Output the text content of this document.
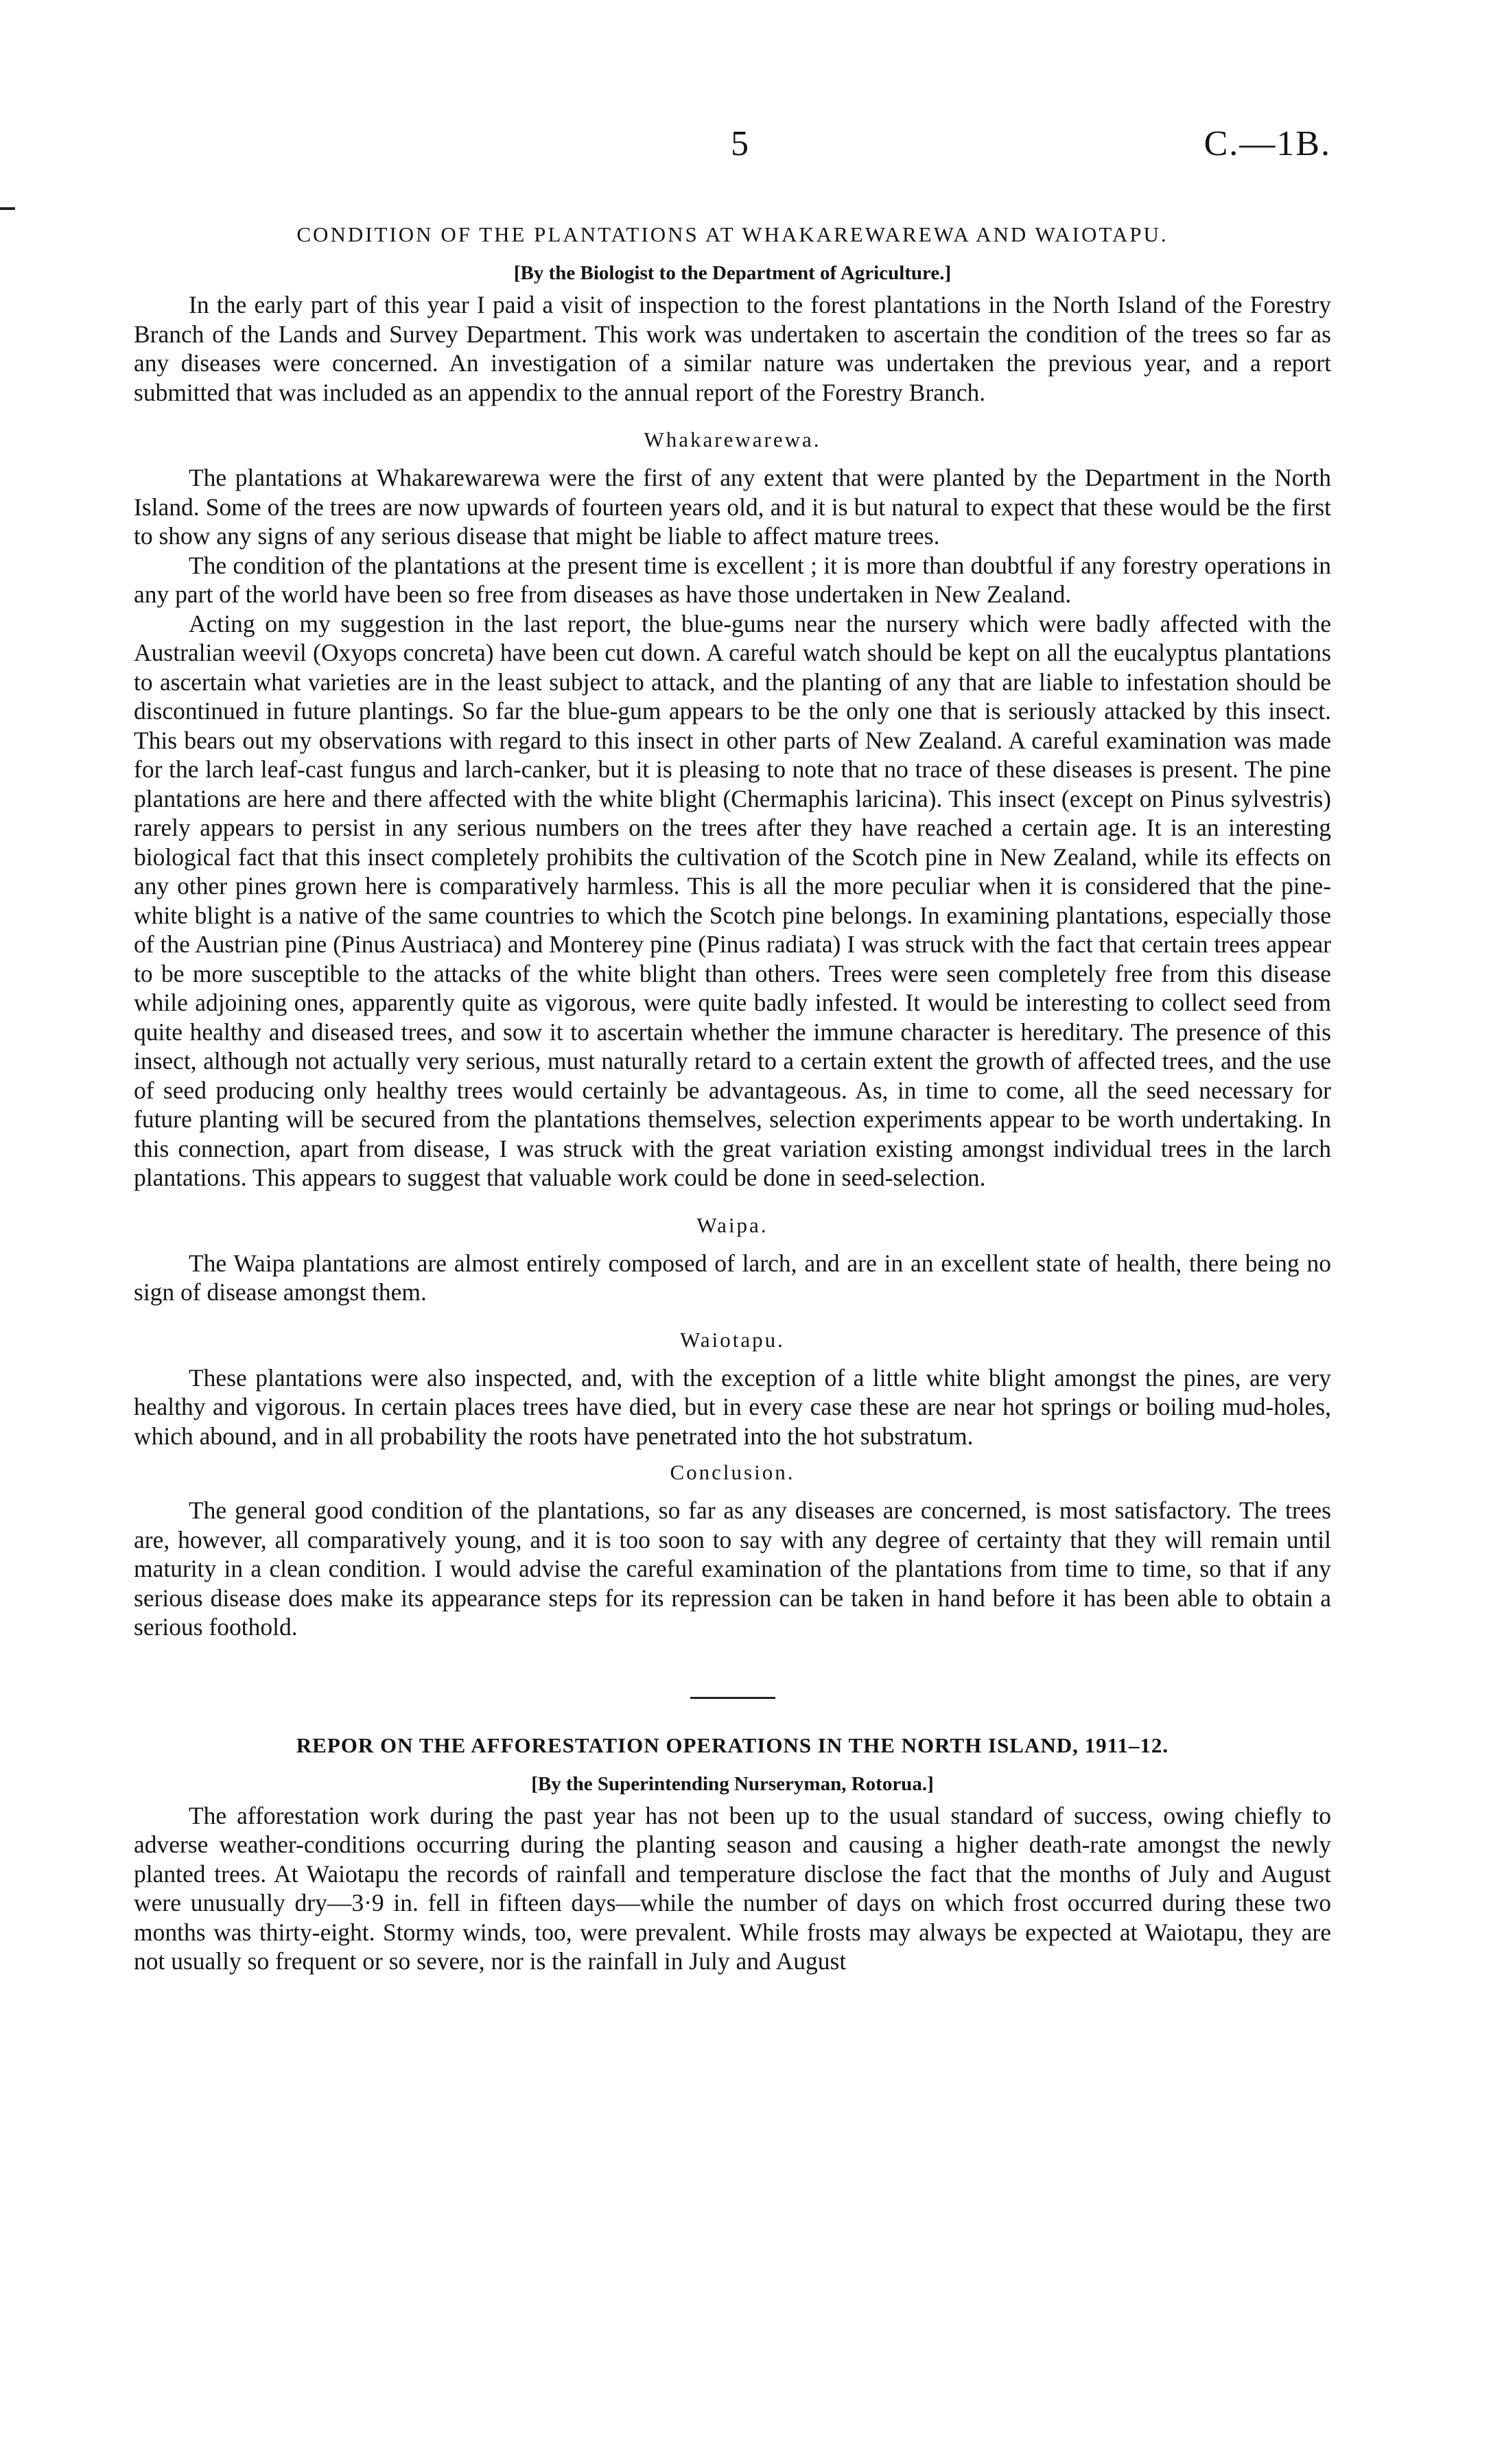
5	C.—1B.
CONDITION OF THE PLANTATIONS AT WHAKAREWAREWA AND WAIOTAPU.
[By the Biologist to the Department of Agriculture.]

In the early part of this year I paid a visit of inspection to the forest plantations in the North Island of the Forestry Branch of the Lands and Survey Department. This work was undertaken to ascertain the condition of the trees so far as any diseases were concerned. An investigation of a similar nature was undertaken the previous year, and a report submitted that was included as an appendix to the annual report of the Forestry Branch.

Whakarewarewa.

The plantations at Whakarewarewa were the first of any extent that were planted by the Department in the North Island. Some of the trees are now upwards of fourteen years old, and it is but natural to expect that these would be the first to show any signs of any serious disease that might be liable to affect mature trees.

The condition of the plantations at the present time is excellent ; it is more than doubtful if any forestry operations in any part of the world have been so free from diseases as have those undertaken in New Zealand.

Acting on my suggestion in the last report, the blue-gums near the nursery which were badly affected with the Australian weevil (Oxyops concreta) have been cut down. A careful watch should be kept on all the eucalyptus plantations to ascertain what varieties are in the least subject to attack, and the planting of any that are liable to infestation should be discontinued in future plantings. So far the blue-gum appears to be the only one that is seriously attacked by this insect. This bears out my observations with regard to this insect in other parts of New Zealand. A careful examination was made for the larch leaf-cast fungus and larch-canker, but it is pleasing to note that no trace of these diseases is present. The pine plantations are here and there affected with the white blight (Chermaphis laricina). This insect (except on Pinus sylvestris) rarely appears to persist in any serious numbers on the trees after they have reached a certain age. It is an interesting biological fact that this insect completely prohibits the cultivation of the Scotch pine in New Zealand, while its effects on any other pines grown here is comparatively harmless. This is all the more peculiar when it is considered that the pine-white blight is a native of the same countries to which the Scotch pine belongs. In examining plantations, especially those of the Austrian pine (Pinus Austriaca) and Monterey pine (Pinus radiata) I was struck with the fact that certain trees appear to be more susceptible to the attacks of the white blight than others. Trees were seen completely free from this disease while adjoining ones, apparently quite as vigorous, were quite badly infested. It would be interesting to collect seed from quite healthy and diseased trees, and sow it to ascertain whether the immune character is hereditary. The presence of this insect, although not actually very serious, must naturally retard to a certain extent the growth of affected trees, and the use of seed producing only healthy trees would certainly be advantageous. As, in time to come, all the seed necessary for future planting will be secured from the plantations themselves, selection experiments appear to be worth undertaking. In this connection, apart from disease, I was struck with the great variation existing amongst individual trees in the larch plantations. This appears to suggest that valuable work could be done in seed-selection.

Waipa.

The Waipa plantations are almost entirely composed of larch, and are in an excellent state of health, there being no sign of disease amongst them.

Waiotapu.

These plantations were also inspected, and, with the exception of a little white blight amongst the pines, are very healthy and vigorous. In certain places trees have died, but in every case these are near hot springs or boiling mud-holes, which abound, and in all probability the roots have penetrated into the hot substratum.

Conclusion.

The general good condition of the plantations, so far as any diseases are concerned, is most satisfactory. The trees are, however, all comparatively young, and it is too soon to say with any degree of certainty that they will remain until maturity in a clean condition. I would advise the careful examination of the plantations from time to time, so that if any serious disease does make its appearance steps for its repression can be taken in hand before it has been able to obtain a serious foothold.

REPOR ON THE AFFORESTATION OPERATIONS IN THE NORTH ISLAND, 1911–12.
[By the Superintending Nurseryman, Rotorua.]

The afforestation work during the past year has not been up to the usual standard of success, owing chiefly to adverse weather-conditions occurring during the planting season and causing a higher death-rate amongst the newly planted trees. At Waiotapu the records of rainfall and temperature disclose the fact that the months of July and August were unusually dry—3·9 in. fell in fifteen days—while the number of days on which frost occurred during these two months was thirty-eight. Stormy winds, too, were prevalent. While frosts may always be expected at Waiotapu, they are not usually so frequent or so severe, nor is the rainfall in July and August
